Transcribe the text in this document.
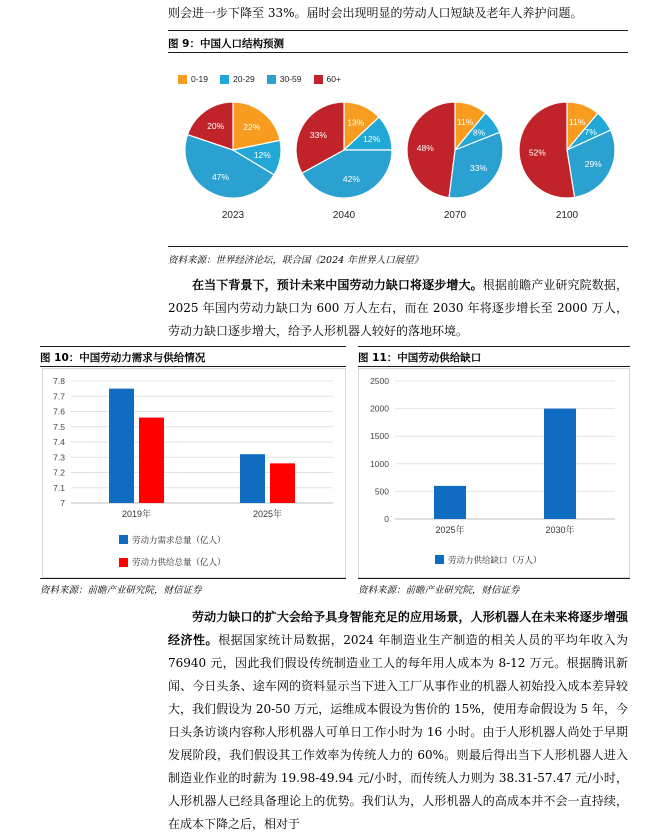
则会进一步下降至 33%。届时会出现明显的劳动人口短缺及老年人养护问题。

图 9：中国人口结构预测
0-19	20-29	30-59	60+
22%
12%
47%
20%
2023
13%
12%
42%
33%
2040
11%
8%
33%
48%
2070
11%
7%
29%
52%
2100
资料来源：世界经济论坛，联合国《2024 年世界人口展望》

在当下背景下，预计未来中国劳动力缺口将逐步增大。根据前瞻产业研究院数据，2025 年国内劳动力缺口为 600 万人左右，而在 2030 年将逐步增长至 2000 万人，劳动力缺口逐步增大，给予人形机器人较好的落地环境。

图 10：中国劳动力需求与供给情况
7
7.1
7.2
7.3
7.4
7.5
7.6
7.7
7.8
2019年	2025年
劳动力需求总量（亿人）

劳动力供给总量（亿人）
资料来源：前瞻产业研究院，财信证券
图 11：中国劳动供给缺口
0
500
1000
1500
2000
2500
2025年	2030年
劳动力供给缺口（万人）
资料来源：前瞻产业研究院，财信证券

劳动力缺口的扩大会给予具身智能充足的应用场景，人形机器人在未来将逐步增强经济性。根据国家统计局数据，2024 年制造业生产制造的相关人员的平均年收入为 76940 元，因此我们假设传统制造业工人的每年用人成本为 8-12 万元。根据腾讯新闻、今日头条、途车网的资料显示当下进入工厂从事作业的机器人初始投入成本差异较大，我们假设为 20-50 万元，运维成本假设为售价的 15%，使用寿命假设为 5 年，今日头条访谈内容称人形机器人可单日工作小时为 16 小时。由于人形机器人尚处于早期发展阶段，我们假设其工作效率为传统人力的 60%。则最后得出当下人形机器人进入制造业作业的时薪为 19.98-49.94 元/小时，而传统人力则为 38.31-57.47 元/小时，人形机器人已经具备理论上的优势。我们认为，人形机器人的高成本并不会一直持续，在成本下降之后，相对于
